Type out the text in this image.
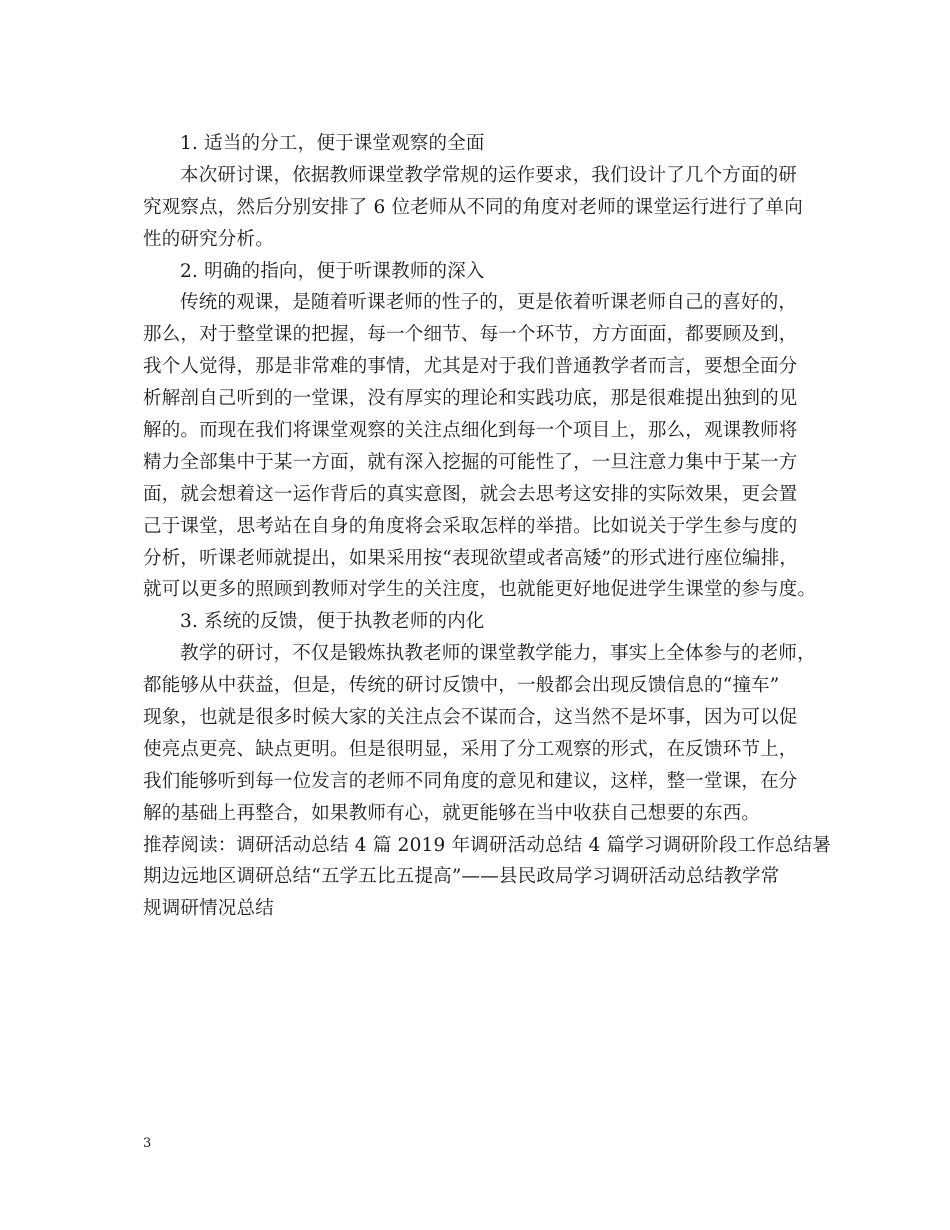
1. 适当的分工，便于课堂观察的全面
本次研讨课，依据教师课堂教学常规的运作要求，我们设计了几个方面的研
究观察点，然后分别安排了 6 位老师从不同的角度对老师的课堂运行进行了单向
性的研究分析。
2. 明确的指向，便于听课教师的深入
传统的观课，是随着听课老师的性子的，更是依着听课老师自己的喜好的，
那么，对于整堂课的把握，每一个细节、每一个环节，方方面面，都要顾及到，
我个人觉得，那是非常难的事情，尤其是对于我们普通教学者而言，要想全面分
析解剖自己听到的一堂课，没有厚实的理论和实践功底，那是很难提出独到的见
解的。而现在我们将课堂观察的关注点细化到每一个项目上，那么，观课教师将
精力全部集中于某一方面，就有深入挖掘的可能性了，一旦注意力集中于某一方
面，就会想着这一运作背后的真实意图，就会去思考这安排的实际效果，更会置
己于课堂，思考站在自身的角度将会采取怎样的举措。比如说关于学生参与度的
分析，听课老师就提出，如果采用按“表现欲望或者高矮”的形式进行座位编排，
就可以更多的照顾到教师对学生的关注度，也就能更好地促进学生课堂的参与度。
3. 系统的反馈，便于执教老师的内化
教学的研讨，不仅是锻炼执教老师的课堂教学能力，事实上全体参与的老师，
都能够从中获益，但是，传统的研讨反馈中，一般都会出现反馈信息的“撞车”
现象，也就是很多时候大家的关注点会不谋而合，这当然不是坏事，因为可以促
使亮点更亮、缺点更明。但是很明显，采用了分工观察的形式，在反馈环节上，
我们能够听到每一位发言的老师不同角度的意见和建议，这样，整一堂课，在分
解的基础上再整合，如果教师有心，就更能够在当中收获自己想要的东西。
推荐阅读：调研活动总结 4 篇 2019 年调研活动总结 4 篇学习调研阶段工作总结暑
期边远地区调研总结“五学五比五提高”——县民政局学习调研活动总结教学常
规调研情况总结
3
